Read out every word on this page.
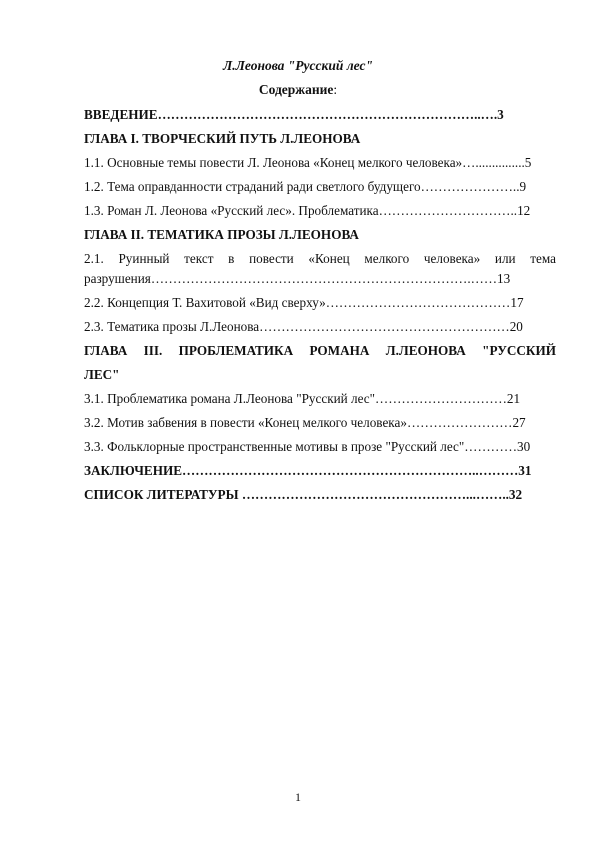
Л.Леонова "Русский лес"
Содержание:
ВВЕДЕНИЕ………………………………………………………………..….3
ГЛАВА I. ТВОРЧЕСКИЙ ПУТЬ Л.ЛЕОНОВА
1.1. Основные темы повести Л. Леонова «Конец мелкого человека»…...............5
1.2. Тема оправданности страданий ради светлого будущего…………………..9
1.3. Роман Л. Леонова «Русский лес». Проблематика…………………………..12
ГЛАВА II. ТЕМАТИКА ПРОЗЫ Л.ЛЕОНОВА
2.1. Руинный текст в повести «Конец мелкого человека» или тема
разрушения……………………………………………………………….……13
2.2. Концепция Т. Вахитовой «Вид сверху»……………………………………17
2.3. Тематика прозы Л.Леонова…………………………………………………20
ГЛАВА III. ПРОБЛЕМАТИКА РОМАНА Л.ЛЕОНОВА "РУССКИЙ
ЛЕС"
3.1. Проблематика романа Л.Леонова "Русский лес"…………………………21
3.2. Мотив забвения в повести «Конец мелкого человека»……………………27
3.3. Фольклорные пространственные мотивы в прозе "Русский лес"…………30
ЗАКЛЮЧЕНИЕ…………………………………………………………..………31
СПИСОК ЛИТЕРАТУРЫ ……………………………………………...……..32
1
